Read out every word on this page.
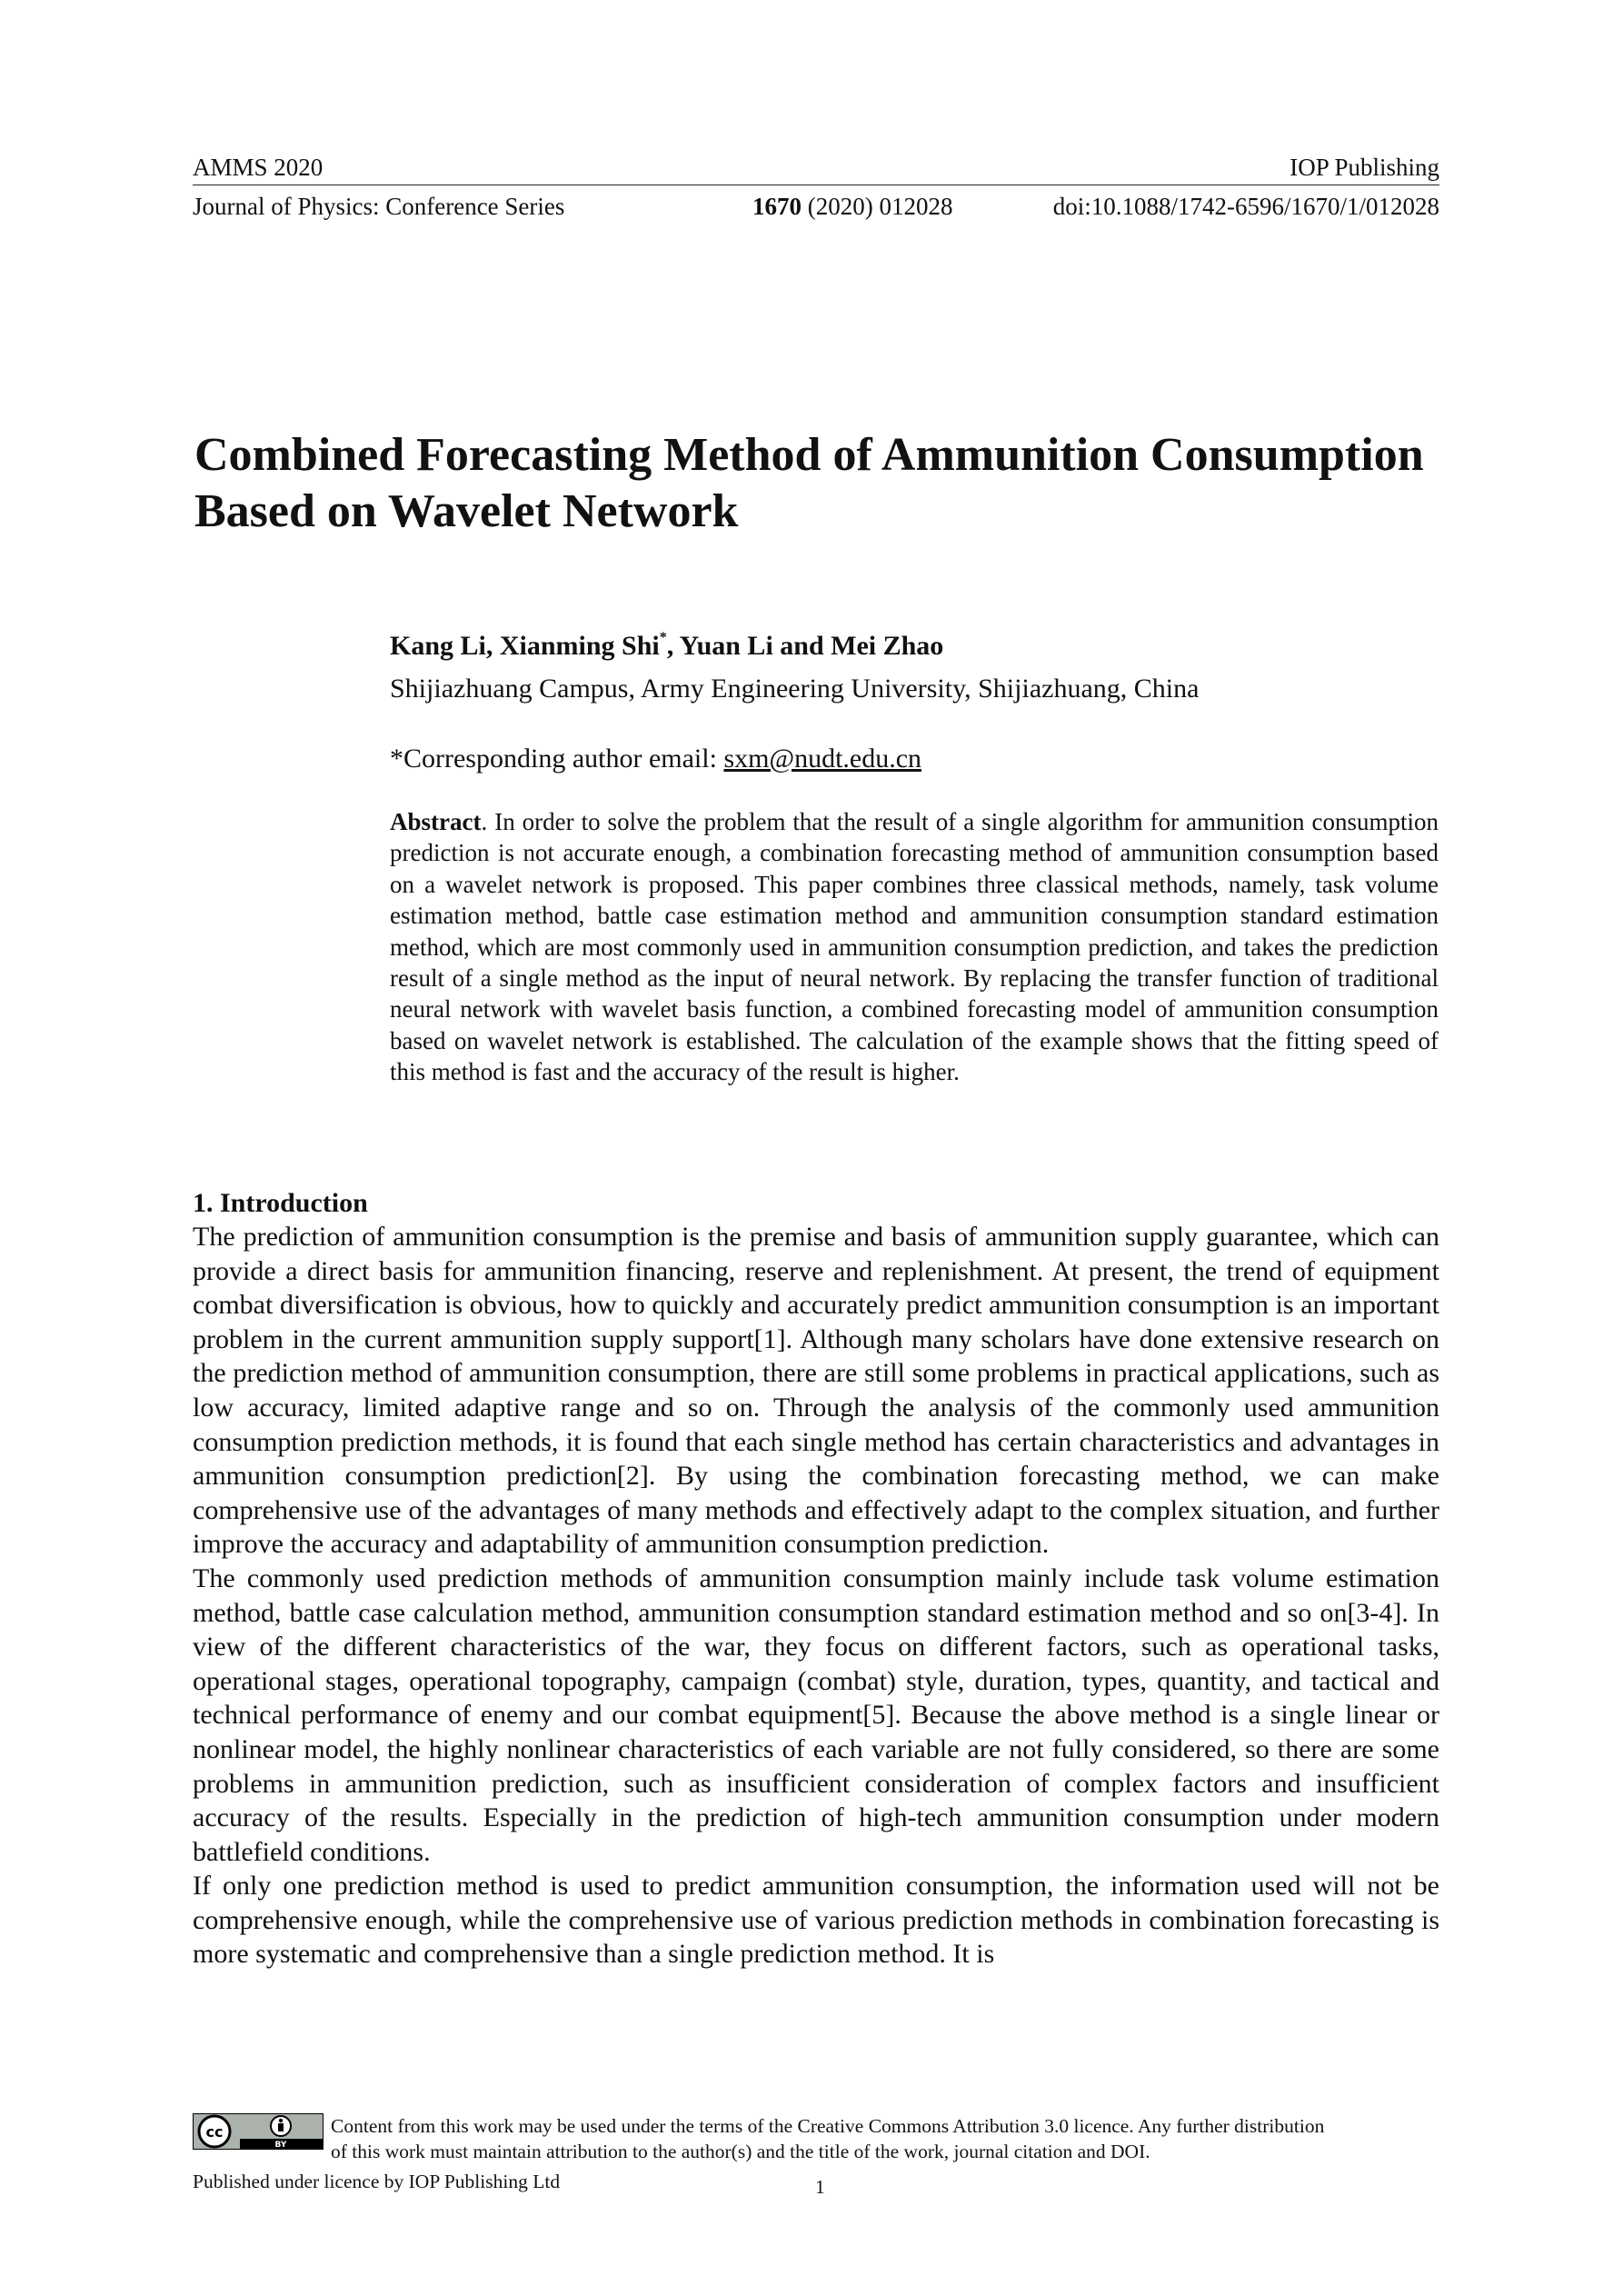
AMMS 2020	IOP Publishing
Journal of Physics: Conference Series	1670 (2020) 012028	doi:10.1088/1742-6596/1670/1/012028
Combined Forecasting Method of Ammunition Consumption
Based on Wavelet Network
Kang Li, Xianming Shi*, Yuan Li and Mei Zhao
Shijiazhuang Campus, Army Engineering University, Shijiazhuang, China
*Corresponding author email: sxm@nudt.edu.cn

Abstract. In order to solve the problem that the result of a single algorithm for ammunition consumption prediction is not accurate enough, a combination forecasting method of ammunition consumption based on a wavelet network is proposed. This paper combines three classical methods, namely, task volume estimation method, battle case estimation method and ammunition consumption standard estimation method, which are most commonly used in ammunition consumption prediction, and takes the prediction result of a single method as the input of neural network. By replacing the transfer function of traditional neural network with wavelet basis function, a combined forecasting model of ammunition consumption based on wavelet network is established. The calculation of the example shows that the fitting speed of this method is fast and the accuracy of the result is higher.

1. Introduction

The prediction of ammunition consumption is the premise and basis of ammunition supply guarantee, which can provide a direct basis for ammunition financing, reserve and replenishment. At present, the trend of equipment combat diversification is obvious, how to quickly and accurately predict ammunition consumption is an important problem in the current ammunition supply support[1]. Although many scholars have done extensive research on the prediction method of ammunition consumption, there are still some problems in practical applications, such as low accuracy, limited adaptive range and so on. Through the analysis of the commonly used ammunition consumption prediction methods, it is found that each single method has certain characteristics and advantages in ammunition consumption prediction[2]. By using the combination forecasting method, we can make comprehensive use of the advantages of many methods and effectively adapt to the complex situation, and further improve the accuracy and adaptability of ammunition consumption prediction.

The commonly used prediction methods of ammunition consumption mainly include task volume estimation method, battle case calculation method, ammunition consumption standard estimation method and so on[3-4]. In view of the different characteristics of the war, they focus on different factors, such as operational tasks, operational stages, operational topography, campaign (combat) style, duration, types, quantity, and tactical and technical performance of enemy and our combat equipment[5]. Because the above method is a single linear or nonlinear model, the highly nonlinear characteristics of each variable are not fully considered, so there are some problems in ammunition prediction, such as insufficient consideration of complex factors and insufficient accuracy of the results. Especially in the prediction of high-tech ammunition consumption under modern battlefield conditions.

If only one prediction method is used to predict ammunition consumption, the information used will not be comprehensive enough, while the comprehensive use of various prediction methods in combination forecasting is more systematic and comprehensive than a single prediction method. It is

cc
BY
Content from this work may be used under the terms of the Creative Commons Attribution 3.0 licence. Any further distribution
of this work must maintain attribution to the author(s) and the title of the work, journal citation and DOI.
Published under licence by IOP Publishing Ltd	1
